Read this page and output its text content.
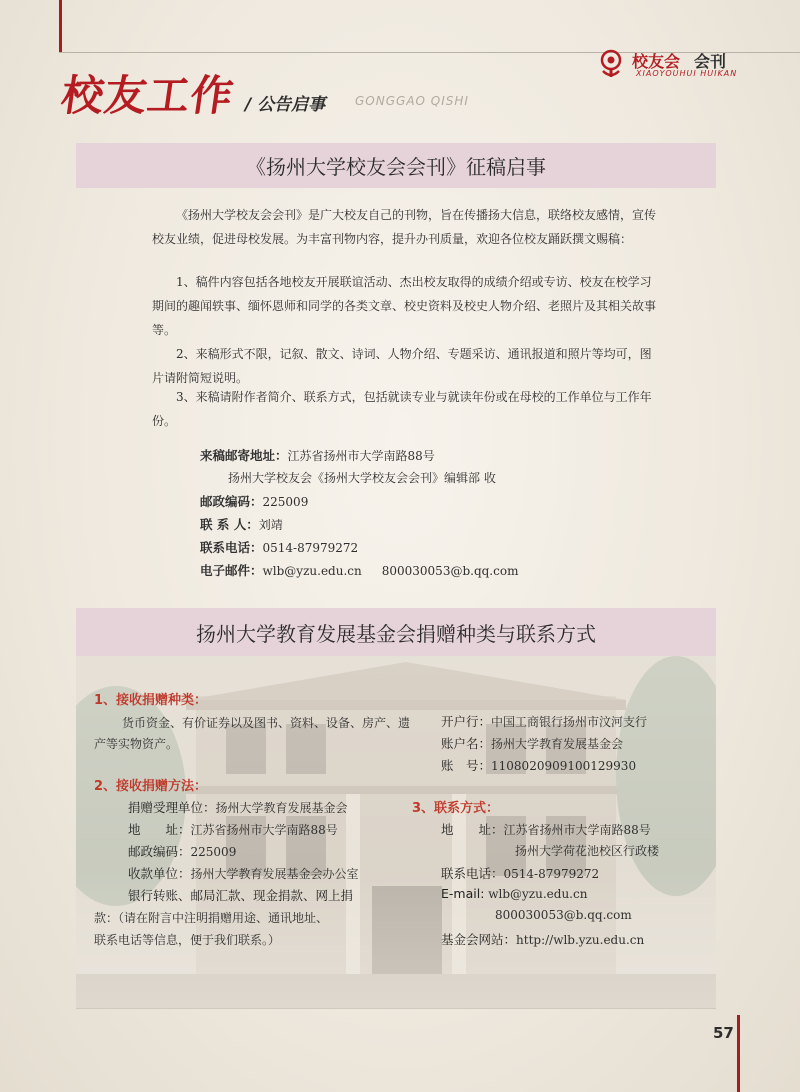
校友工作 / 公告启事 GONGGAO QISHI
校友会 会刊
XIAOYOUHUI HUIKAN
《扬州大学校友会会刊》征稿启事
《扬州大学校友会会刊》是广大校友自己的刊物，旨在传播扬大信息，联络校友感情，宣传校友业绩，促进母校发展。为丰富刊物内容，提升办刊质量，欢迎各位校友踊跃撰文赐稿：
1、稿件内容包括各地校友开展联谊活动、杰出校友取得的成绩介绍或专访、校友在校学习期间的趣闻轶事、缅怀恩师和同学的各类文章、校史资料及校史人物介绍、老照片及其相关故事等。
2、来稿形式不限，记叙、散文、诗词、人物介绍、专题采访、通讯报道和照片等均可，图片请附简短说明。
3、来稿请附作者简介、联系方式，包括就读专业与就读年份或在母校的工作单位与工作年份。
来稿邮寄地址：江苏省扬州市大学南路88号
扬州大学校友会《扬州大学校友会会刊》编辑部 收
邮政编码：225009
联 系 人：刘靖
联系电话：0514-87979272
电子邮件：wlb@yzu.edu.cn 800030053@b.qq.com
扬州大学教育发展基金会捐赠种类与联系方式
1、接收捐赠种类：
货币资金、有价证券以及图书、资料、设备、房产、遗产等实物资产。
开户行：中国工商银行扬州市汶河支行
账户名：扬州大学教育发展基金会
账　号：1108020909100129930
2、接收捐赠方法：
捐赠受理单位：扬州大学教育发展基金会
地　　址：江苏省扬州市大学南路88号
邮政编码：225009
收款单位：扬州大学教育发展基金会办公室
银行转账、邮局汇款、现金捐款、网上捐
款：（请在附言中注明捐赠用途、通讯地址、
联系电话等信息，便于我们联系。）
3、联系方式：
地　　址：江苏省扬州市大学南路88号
扬州大学荷花池校区行政楼
联系电话：0514-87979272
E-mail: wlb@yzu.edu.cn
800030053@b.qq.com
基金会网站：http://wlb.yzu.edu.cn
57
